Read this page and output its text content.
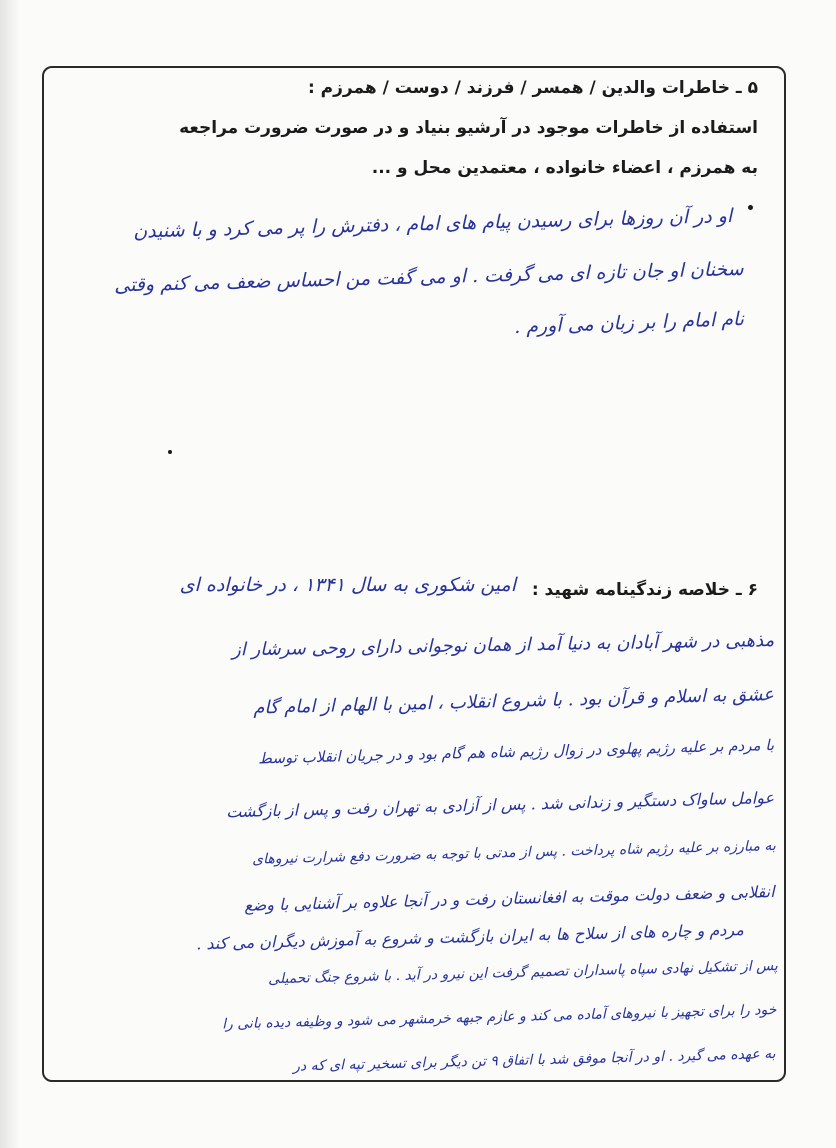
۵ ـ خاطرات والدین / همسر / فرزند / دوست / همرزم :
استفاده از خاطرات موجود در آرشیو بنیاد و در صورت ضرورت مراجعه
به همرزم ، اعضاء خانواده ، معتمدین محل و ...
او در آن روزها برای رسیدن پیام های امام ، دفترش را پر می کرد و با شنیدن
سخنان او جان تازه ای می گرفت . او می گفت من احساس ضعف می کنم وقتی
نام امام را بر زبان می آورم .
۶ ـ خلاصه زندگینامه شهید :
امین شکوری به سال ۱۳۴۱ ، در خانواده ای
مذهبی در شهر آبادان به دنیا آمد از همان نوجوانی دارای روحی سرشار از
عشق به اسلام و قرآن بود . با شروع انقلاب ، امین با الهام از امام گام
با مردم بر علیه رژیم پهلوی در زوال رژیم شاه هم گام بود و در جریان انقلاب توسط
عوامل ساواک دستگیر و زندانی شد . پس از آزادی به تهران رفت و پس از بازگشت
به مبارزه بر علیه رژیم شاه پرداخت . پس از مدتی با توجه به ضرورت دفع شرارت نیروهای
انقلابی و ضعف دولت موقت به افغانستان رفت و در آنجا علاوه بر آشنایی با وضع
مردم و چاره های از سلاح ها به ایران بازگشت و شروع به آموزش دیگران می کند .
پس از تشکیل نهادی سپاه پاسداران تصمیم گرفت این نیرو در آید . با شروع جنگ تحمیلی
خود را برای تجهیز با نیروهای آماده می کند و عازم جبهه خرمشهر می شود و وظیفه دیده بانی را
به عهده می گیرد . او در آنجا موفق شد با اتفاق ۹ تن دیگر برای تسخیر تپه ای که در
